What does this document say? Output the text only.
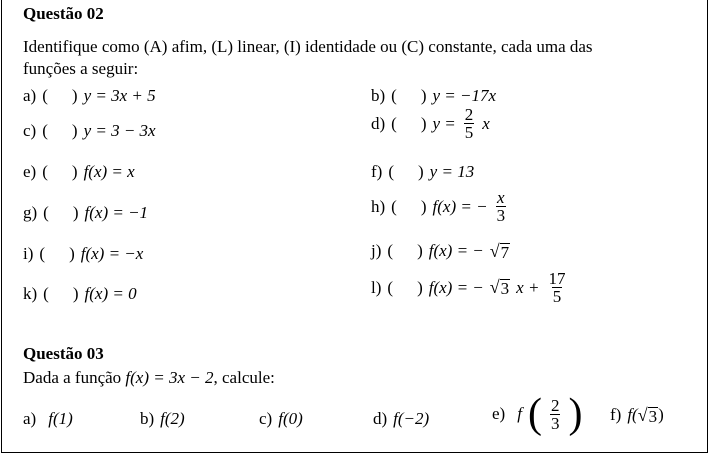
Questão 02
Identifique como (A) afim, (L) linear, (I) identidade ou (C) constante, cada uma das
funções a seguir:
a) ( ) y = 3x + 5	b) ( ) y = −17x
c) ( ) y = 3 − 3x	d) ( ) $y = \frac{2}{5}$ x
e) ( ) f(x) = x	f) ( ) y = 13
g) ( ) f(x) = −1	h) ( ) f(x) = − $\frac{x}{3}$
i) ( ) f(x) = −x	j) ( ) f(x) = − √ 7
k) ( ) f(x) = 0	l) ( ) f(x) = − √ 3 $x + \frac{17}{5}$
Questão 03
Dada a função f(x) = 3x − 2, calcule:
a) f(1)	b) f(2)	c) f(0)	d) f(−2)	e) f ( $\frac{2}{3}$ ) f) f( √ 3 )
